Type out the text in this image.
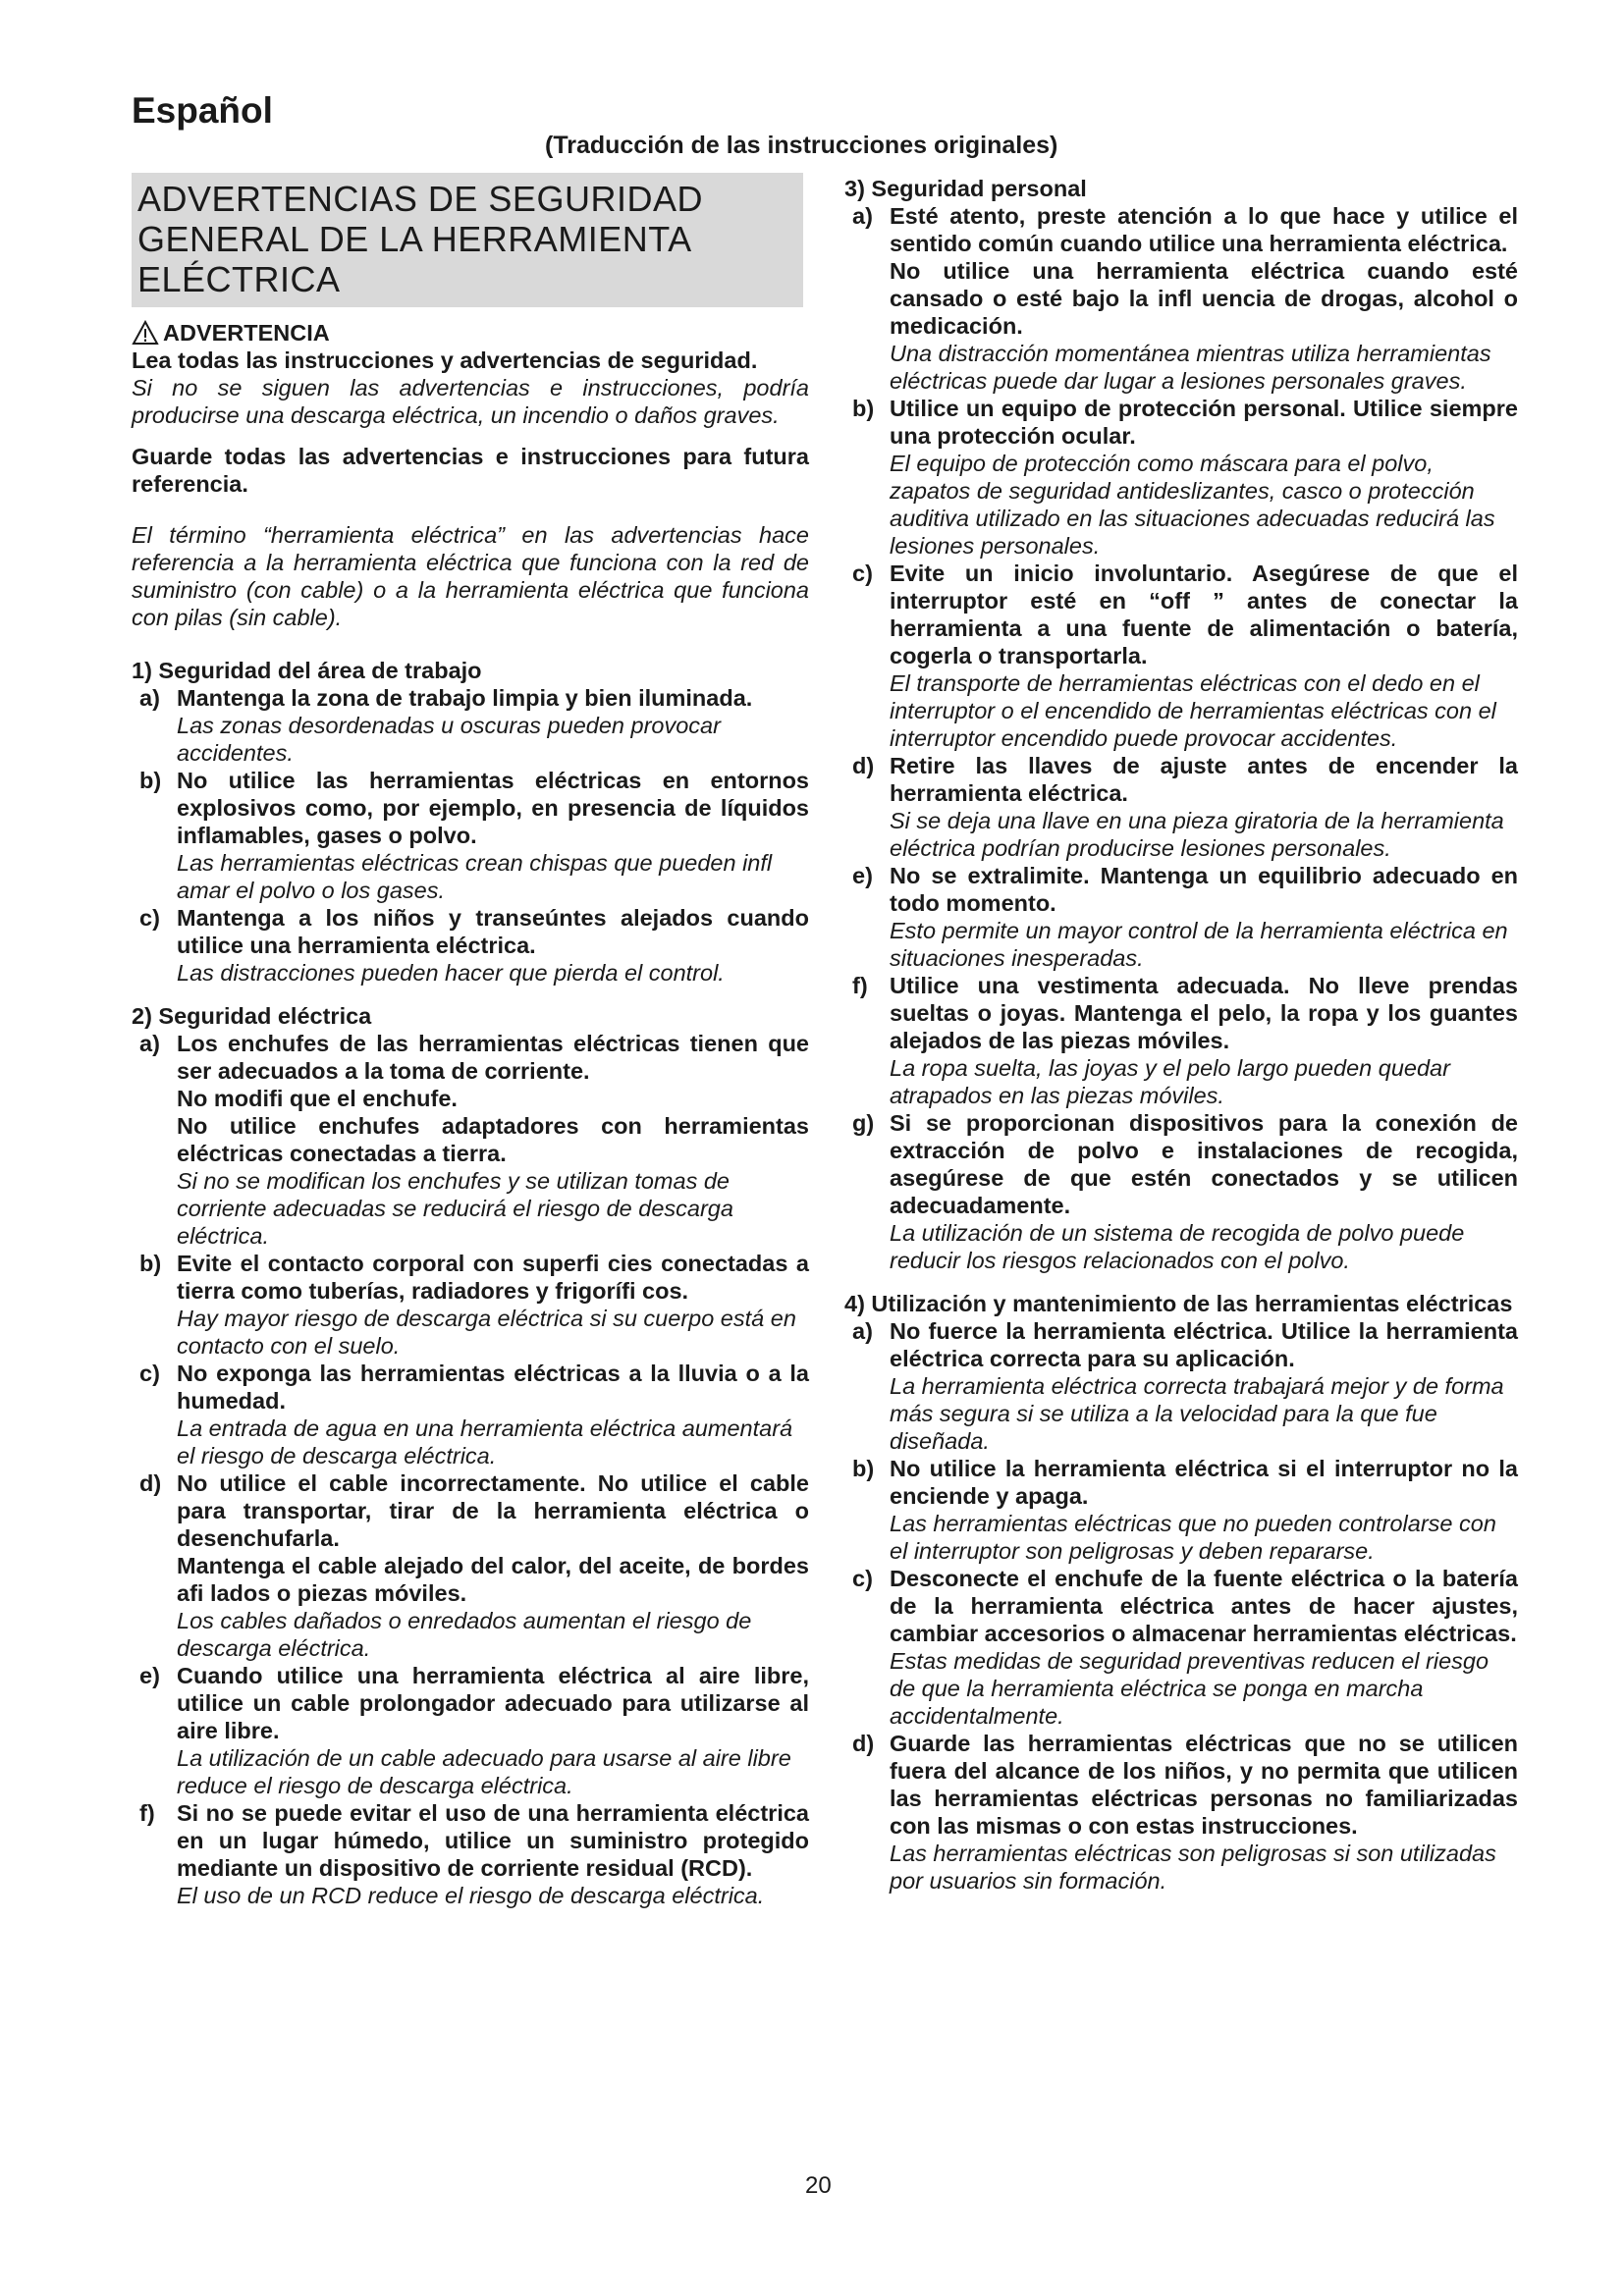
Español
(Traducción de las instrucciones originales)
ADVERTENCIAS DE SEGURIDAD
GENERAL DE LA HERRAMIENTA
ELÉCTRICA
ADVERTENCIA

Lea todas las instrucciones y advertencias de seguridad.

Si no se siguen las advertencias e instrucciones, podría producirse una descarga eléctrica, un incendio o daños graves.

Guarde todas las advertencias e instrucciones para futura referencia.

El término “herramienta eléctrica” en las advertencias hace referencia a la herramienta eléctrica que funciona con la red de suministro (con cable) o a la herramienta eléctrica que funciona con pilas (sin cable).

1) Seguridad del área de trabajo

a) Mantenga la zona de trabajo limpia y bien iluminada.

Las zonas desordenadas u oscuras pueden provocar accidentes.

b) No utilice las herramientas eléctricas en entornos explosivos como, por ejemplo, en presencia de líquidos inflamables, gases o polvo.

Las herramientas eléctricas crean chispas que pueden infl amar el polvo o los gases.

c) Mantenga a los niños y transeúntes alejados cuando utilice una herramienta eléctrica.

Las distracciones pueden hacer que pierda el control.

2) Seguridad eléctrica

a) Los enchufes de las herramientas eléctricas tienen que ser adecuados a la toma de corriente.

No modifi que el enchufe.

No utilice enchufes adaptadores con herramientas eléctricas conectadas a tierra.

Si no se modifican los enchufes y se utilizan tomas de corriente adecuadas se reducirá el riesgo de descarga eléctrica.

b) Evite el contacto corporal con superfi cies conectadas a tierra como tuberías, radiadores y frigorífi cos.

Hay mayor riesgo de descarga eléctrica si su cuerpo está en contacto con el suelo.

c) No exponga las herramientas eléctricas a la lluvia o a la humedad.

La entrada de agua en una herramienta eléctrica aumentará el riesgo de descarga eléctrica.

d) No utilice el cable incorrectamente. No utilice el cable para transportar, tirar de la herramienta eléctrica o desenchufarla.

Mantenga el cable alejado del calor, del aceite, de bordes afi lados o piezas móviles.

Los cables dañados o enredados aumentan el riesgo de descarga eléctrica.

e) Cuando utilice una herramienta eléctrica al aire libre, utilice un cable prolongador adecuado para utilizarse al aire libre.

La utilización de un cable adecuado para usarse al aire libre reduce el riesgo de descarga eléctrica.

f) Si no se puede evitar el uso de una herramienta eléctrica en un lugar húmedo, utilice un suministro protegido mediante un dispositivo de corriente residual (RCD).

El uso de un RCD reduce el riesgo de descarga eléctrica.

3) Seguridad personal

a) Esté atento, preste atención a lo que hace y utilice el sentido común cuando utilice una herramienta eléctrica.

No utilice una herramienta eléctrica cuando esté cansado o esté bajo la infl uencia de drogas, alcohol o medicación.

Una distracción momentánea mientras utiliza herramientas eléctricas puede dar lugar a lesiones personales graves.

b) Utilice un equipo de protección personal. Utilice siempre una protección ocular.

El equipo de protección como máscara para el polvo, zapatos de seguridad antideslizantes, casco o protección auditiva utilizado en las situaciones adecuadas reducirá las lesiones personales.

c) Evite un inicio involuntario. Asegúrese de que el interruptor esté en “off ” antes de conectar la herramienta a una fuente de alimentación o batería, cogerla o transportarla.

El transporte de herramientas eléctricas con el dedo en el interruptor o el encendido de herramientas eléctricas con el interruptor encendido puede provocar accidentes.

d) Retire las llaves de ajuste antes de encender la herramienta eléctrica.

Si se deja una llave en una pieza giratoria de la herramienta eléctrica podrían producirse lesiones personales.

e) No se extralimite. Mantenga un equilibrio adecuado en todo momento.

Esto permite un mayor control de la herramienta eléctrica en situaciones inesperadas.

f) Utilice una vestimenta adecuada. No lleve prendas sueltas o joyas. Mantenga el pelo, la ropa y los guantes alejados de las piezas móviles.

La ropa suelta, las joyas y el pelo largo pueden quedar atrapados en las piezas móviles.

g) Si se proporcionan dispositivos para la conexión de extracción de polvo e instalaciones de recogida, asegúrese de que estén conectados y se utilicen adecuadamente.

La utilización de un sistema de recogida de polvo puede reducir los riesgos relacionados con el polvo.

4) Utilización y mantenimiento de las herramientas eléctricas

a) No fuerce la herramienta eléctrica. Utilice la herramienta eléctrica correcta para su aplicación.

La herramienta eléctrica correcta trabajará mejor y de forma más segura si se utiliza a la velocidad para la que fue diseñada.

b) No utilice la herramienta eléctrica si el interruptor no la enciende y apaga.

Las herramientas eléctricas que no pueden controlarse con el interruptor son peligrosas y deben repararse.

c) Desconecte el enchufe de la fuente eléctrica o la batería de la herramienta eléctrica antes de hacer ajustes, cambiar accesorios o almacenar herramientas eléctricas.

Estas medidas de seguridad preventivas reducen el riesgo de que la herramienta eléctrica se ponga en marcha accidentalmente.

d) Guarde las herramientas eléctricas que no se utilicen fuera del alcance de los niños, y no permita que utilicen las herramientas eléctricas personas no familiarizadas con las mismas o con estas instrucciones.

Las herramientas eléctricas son peligrosas si son utilizadas por usuarios sin formación.

20
